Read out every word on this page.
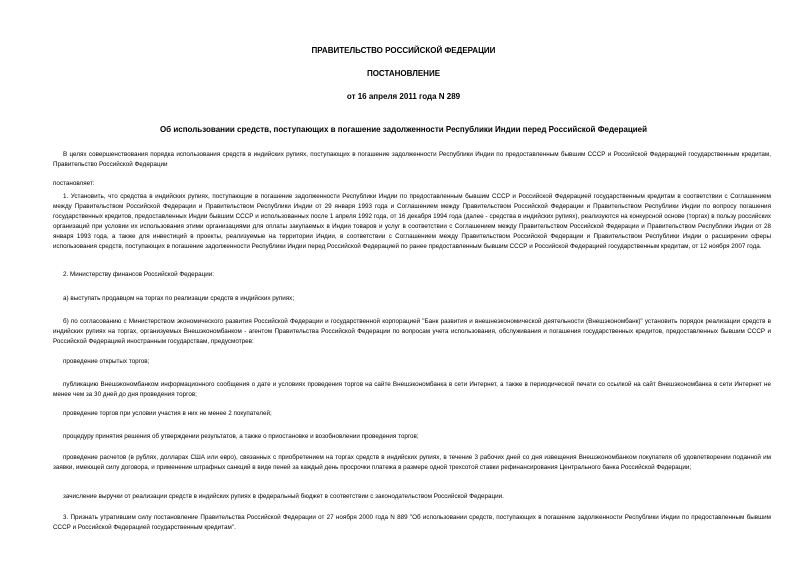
ПРАВИТЕЛЬСТВО РОССИЙСКОЙ ФЕДЕРАЦИИ
ПОСТАНОВЛЕНИЕ
от 16 апреля 2011 года N 289
Об использовании средств, поступающих в погашение задолженности Республики Индии перед Российской Федерацией
В целях совершенствования порядка использования средств в индийских рупиях, поступающих в погашение задолженности Республики Индии по предоставленным бывшим СССР и Российской Федерацией государственным кредитам, Правительство Российской Федерации
постановляет:
1. Установить, что средства в индийских рупиях, поступающие в погашение задолженности Республики Индии по предоставленным бывшим СССР и Российской Федерацией государственным кредитам в соответствии с Соглашением между Правительством Российской Федерации и Правительством Республики Индии от 29 января 1993 года и Соглашением между Правительством Российской Федерации и Правительством Республики Индии по вопросу погашения государственных кредитов, предоставленных Индии бывшим СССР и использованных после 1 апреля 1992 года, от 16 декабря 1994 года (далее - средства в индийских рупиях), реализуются на конкурсной основе (торгах) в пользу российских организаций при условии их использования этими организациями для оплаты закупаемых в Индии товаров и услуг в соответствии с Соглашением между Правительством Российской Федерации и Правительством Республики Индии от 28 января 1993 года, а также для инвестиций в проекты, реализуемые на территории Индии, в соответствии с Соглашением между Правительством Российской Федерации и Правительством Республики Индии о расширении сферы использования средств, поступающих в погашение задолженности Республики Индии перед Российской Федерацией по ранее предоставленным бывшим СССР и Российской Федерацией государственным кредитам, от 12 ноября 2007 года.
2. Министерству финансов Российской Федерации:
а) выступать продавцом на торгах по реализации средств в индийских рупиях;
б) по согласованию с Министерством экономического развития Российской Федерации и государственной корпорацией "Банк развития и внешнеэкономической деятельности (Внешэкономбанк)" установить порядок реализации средств в индийских рупиях на торгах, организуемых Внешэкономбанком - агентом Правительства Российской Федерации по вопросам учета использования, обслуживания и погашения государственных кредитов, предоставленных бывшим СССР и Российской Федерацией иностранным государствам, предусмотрев:
проведение открытых торгов;
публикацию Внешэкономбанком информационного сообщения о дате и условиях проведения торгов на сайте Внешэкономбанка в сети Интернет, а также в периодической печати со ссылкой на сайт Внешэкономбанка в сети Интернет не менее чем за 30 дней до дня проведения торгов;
проведение торгов при условии участия в них не менее 2 покупателей;
процедуру принятия решения об утверждении результатов, а также о приостановке и возобновлении проведения торгов;
проведение расчетов (в рублях, долларах США или евро), связанных с приобретением на торгах средств в индийских рупиях, в течение 3 рабочих дней со дня извещения Внешэкономбанком покупателя об удовлетворении поданной им заявки, имеющей силу договора, и применение штрафных санкций в виде пеней за каждый день просрочки платежа в размере одной трехсотой ставки рефинансирования Центрального банка Российской Федерации;
зачисление выручки от реализации средств в индийских рупиях в федеральный бюджет в соответствии с законодательством Российской Федерации.
3. Признать утратившим силу постановление Правительства Российской Федерации от 27 ноября 2000 года N 889 "Об использовании средств, поступающих в погашение задолженности Республики Индии по предоставленным бывшим СССР и Российской Федерацией государственным кредитам".
